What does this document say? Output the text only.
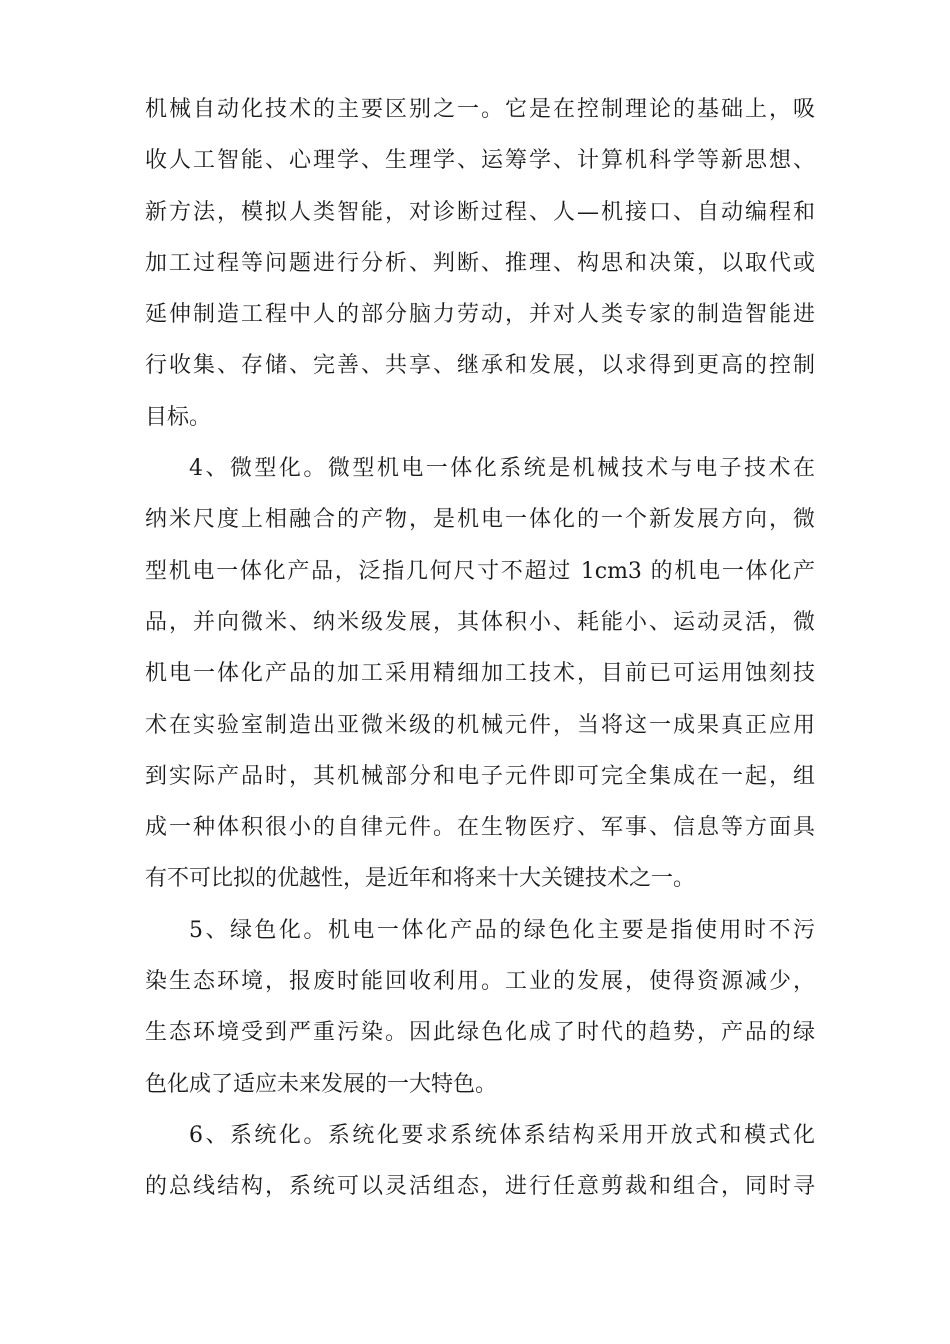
机械自动化技术的主要区别之一。它是在控制理论的基础上，吸
收人工智能、心理学、生理学、运筹学、计算机科学等新思想、
新方法，模拟人类智能，对诊断过程、人—机接口、自动编程和
加工过程等问题进行分析、判断、推理、构思和决策，以取代或
延伸制造工程中人的部分脑力劳动，并对人类专家的制造智能进
行收集、存储、完善、共享、继承和发展，以求得到更高的控制
目标。
4、微型化。微型机电一体化系统是机械技术与电子技术在
纳米尺度上相融合的产物，是机电一体化的一个新发展方向，微
型机电一体化产品，泛指几何尺寸不超过 1cm3 的机电一体化产
品，并向微米、纳米级发展，其体积小、耗能小、运动灵活，微
机电一体化产品的加工采用精细加工技术，目前已可运用蚀刻技
术在实验室制造出亚微米级的机械元件，当将这一成果真正应用
到实际产品时，其机械部分和电子元件即可完全集成在一起，组
成一种体积很小的自律元件。在生物医疗、军事、信息等方面具
有不可比拟的优越性，是近年和将来十大关键技术之一。
5、绿色化。机电一体化产品的绿色化主要是指使用时不污
染生态环境，报废时能回收利用。工业的发展，使得资源减少，
生态环境受到严重污染。因此绿色化成了时代的趋势，产品的绿
色化成了适应未来发展的一大特色。
6、系统化。系统化要求系统体系结构采用开放式和模式化
的总线结构，系统可以灵活组态，进行任意剪裁和组合，同时寻
